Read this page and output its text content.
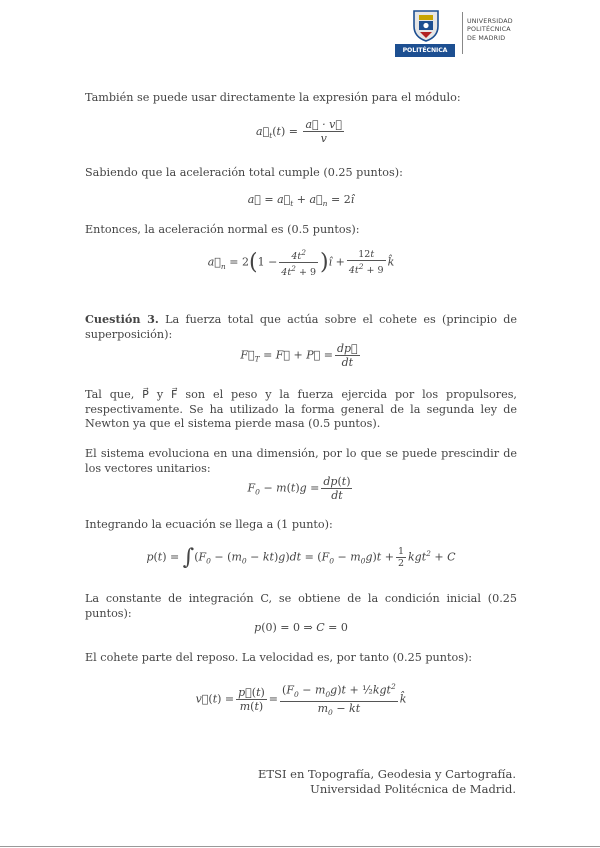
POLITÉCNICA
UNIVERSIDAD
POLITÉCNICA
DE MADRID
También se puede usar directamente la expresión para el módulo:
$a⃗_t(t) = \frac{a⃗ \cdot v⃗}{v}$
Sabiendo que la aceleración total cumple (0.25 puntos):
a⃗ = $a⃗_t$ + $a⃗_n$ = 2î
Entonces, la aceleración normal es (0.5 puntos):
$a⃗_n = 2(1 - \frac{4t^2}{4t^2 + 9}$ )î + $\frac{12t}{4t^2 + 9}$ k̂
Cuestión 3. La fuerza total que actúa sobre el cohete es (principio de superposición):
$F⃗_T$ = F⃗ + P⃗ = $\frac{dp⃗}{dt}$
Tal que, P⃗ y F⃗ son el peso y la fuerza ejercida por los propulsores, respectivamente. Se ha utilizado la forma general de la segunda ley de Newton ya que el sistema pierde masa (0.5 puntos).
El sistema evoluciona en una dimensión, por lo que se puede prescindir de los vectores unitarios:
$F_0 - m(t)g = \frac{dp(t)}{dt}$
Integrando la ecuación se llega a (1 punto):
$p(t) = \int(F_0 - (m_0 - kt)g)dt = (F_0 - m_0g)t + \frac{1}{2} kgt^2 + C$
La constante de integración C, se obtiene de la condición inicial (0.25 puntos):
p(0) = 0 ⇒ C = 0
El cohete parte del reposo. La velocidad es, por tanto (0.25 puntos):
v⃗(t) = $\frac{p⃗(t)}{m(t)} = \frac{(F_0 - m_0g)t + \frac{1}{2}kgt^2}{m_0 - kt}$ k̂
ETSI en Topografía, Geodesia y Cartografía.
Universidad Politécnica de Madrid.
